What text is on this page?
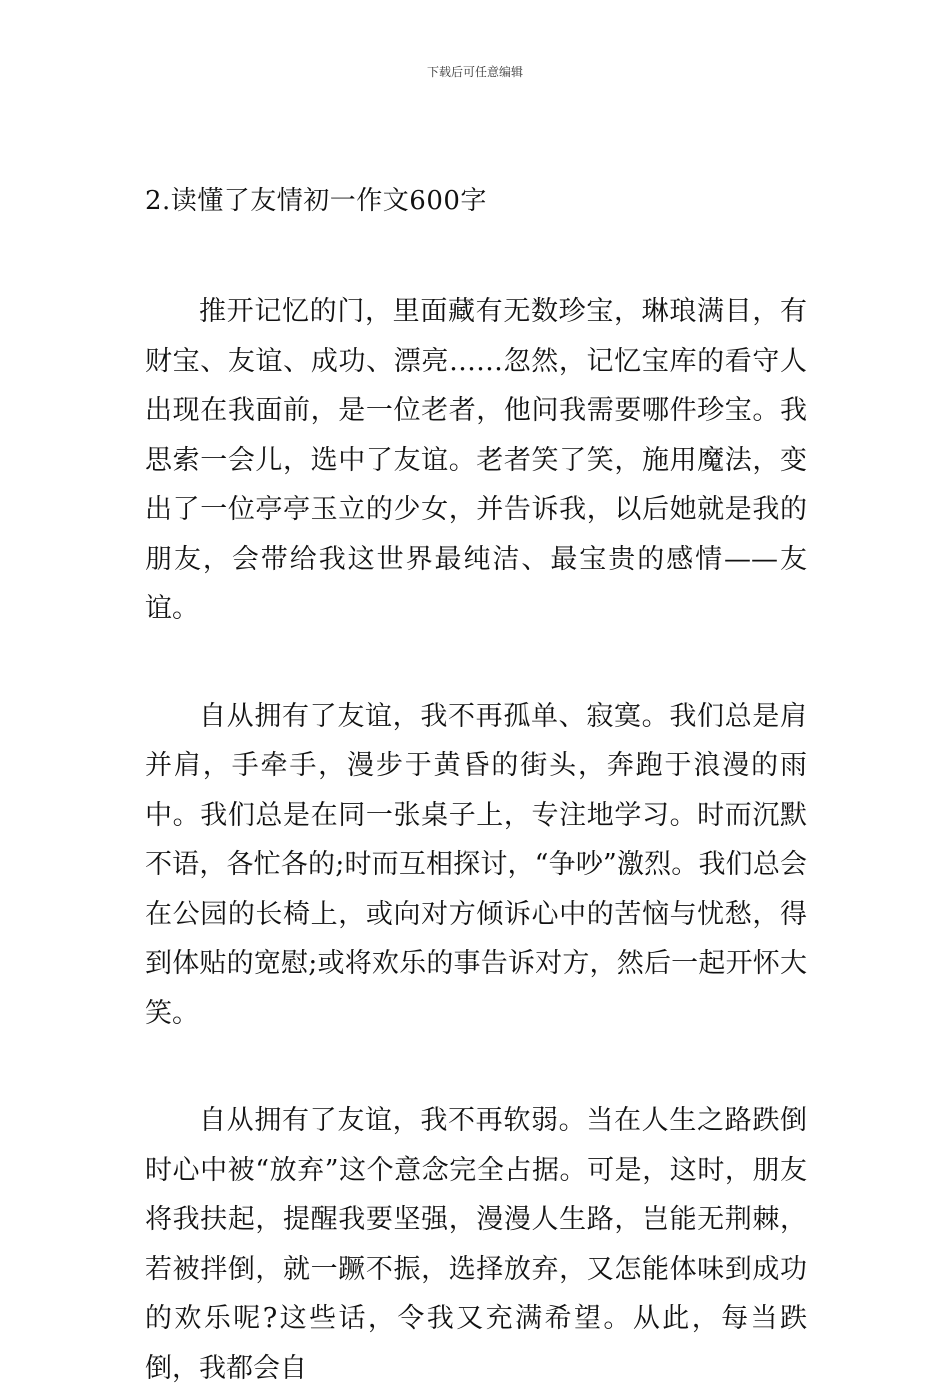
下载后可任意编辑

2.读懂了友情初一作文600字

推开记忆的门，里面藏有无数珍宝，琳琅满目，有财宝、友谊、成功、漂亮……忽然，记忆宝库的看守人出现在我面前，是一位老者，他问我需要哪件珍宝。我思索一会儿，选中了友谊。老者笑了笑，施用魔法，变出了一位亭亭玉立的少女，并告诉我，以后她就是我的朋友，会带给我这世界最纯洁、最宝贵的感情——友谊。

自从拥有了友谊，我不再孤单、寂寞。我们总是肩并肩，手牵手，漫步于黄昏的街头，奔跑于浪漫的雨中。我们总是在同一张桌子上，专注地学习。时而沉默不语，各忙各的;时而互相探讨，“争吵”激烈。我们总会在公园的长椅上，或向对方倾诉心中的苦恼与忧愁，得到体贴的宽慰;或将欢乐的事告诉对方，然后一起开怀大笑。

自从拥有了友谊，我不再软弱。当在人生之路跌倒时心中被“放弃”这个意念完全占据。可是，这时，朋友将我扶起，提醒我要坚强，漫漫人生路，岂能无荆棘，若被拌倒，就一蹶不振，选择放弃，又怎能体味到成功的欢乐呢?这些话，令我又充满希望。从此，每当跌倒，我都会自
